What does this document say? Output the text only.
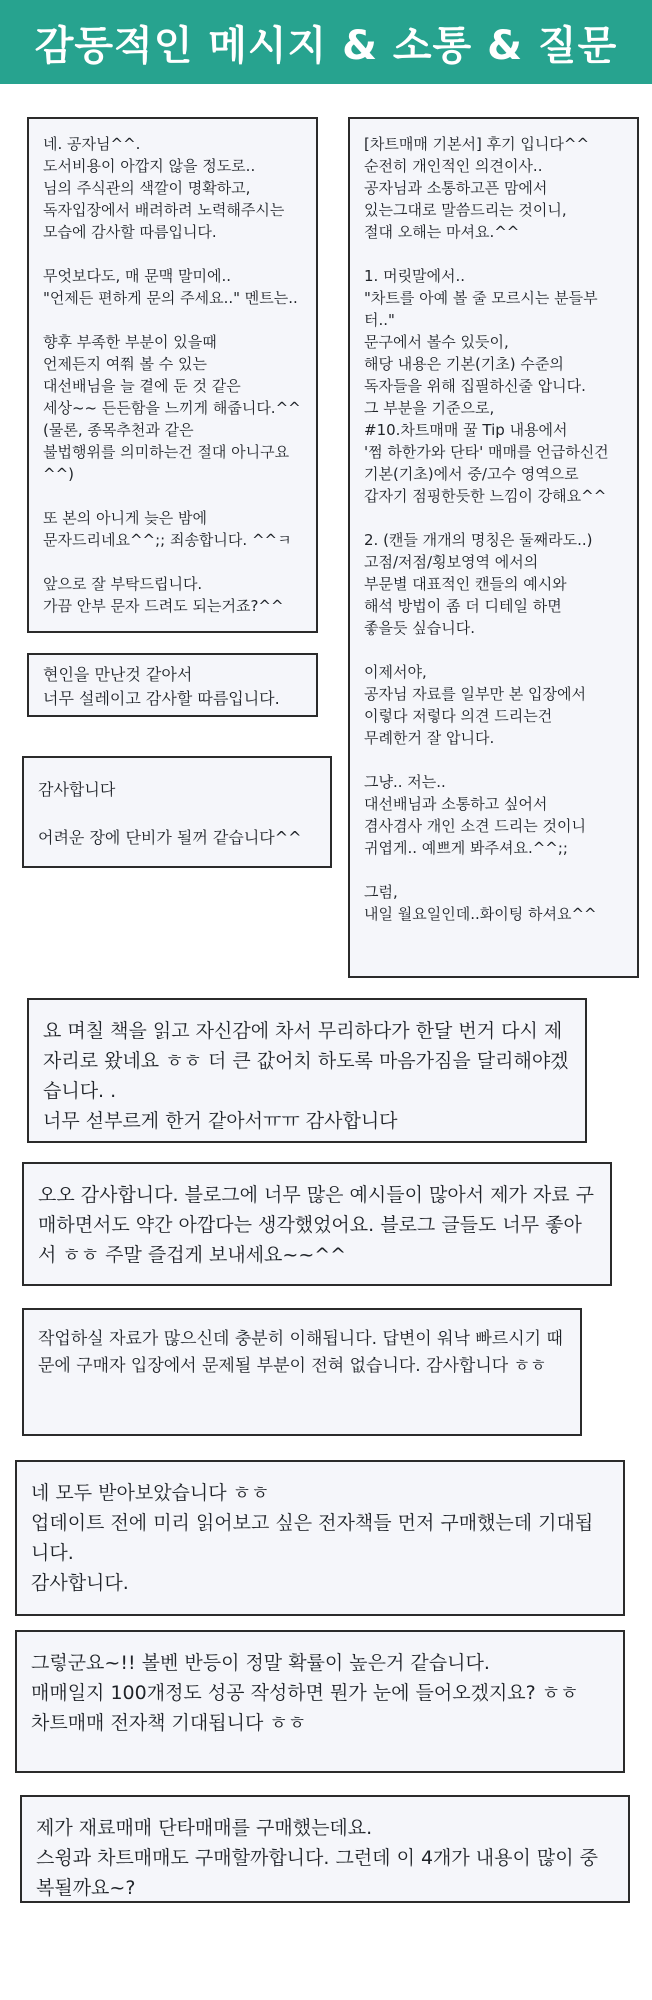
감동적인 메시지 & 소통 & 질문
네. 공자님^^.
도서비용이 아깝지 않을 정도로..
님의 주식관의 색깔이 명확하고,
독자입장에서 배려하려 노력해주시는
모습에 감사할 따름입니다.

무엇보다도, 매 문맥 말미에..
"언제든 편하게 문의 주세요.." 멘트는..

향후 부족한 부분이 있을때
언제든지 여쭤 볼 수 있는
대선배님을 늘 곁에 둔 것 같은
세상~~ 든든함을 느끼게 해줍니다.^^
(물론, 종목추천과 같은
불법행위를 의미하는건 절대 아니구요^^)

또 본의 아니게 늦은 밤에
문자드리네요^^;; 죄송합니다. ^^ㅋ

앞으로 잘 부탁드립니다.
가끔 안부 문자 드려도 되는거죠?^^
현인을 만난것 같아서
너무 설레이고 감사할 따름입니다.
감사합니다

어려운 장에 단비가 될꺼 같습니다^^
[차트매매 기본서] 후기 입니다^^
순전히 개인적인 의견이사..
공자님과 소통하고픈 맘에서
있는그대로 말씀드리는 것이니,
절대 오해는 마셔요.^^

1. 머릿말에서..
"차트를 아예 볼 줄 모르시는 분들부터.."
문구에서 볼수 있듯이,
해당 내용은 기본(기초) 수준의
독자들을 위해 집필하신줄 압니다.
그 부분을 기준으로,
#10.차트매매 꿀 Tip 내용에서
'쩜 하한가와 단타' 매매를 언급하신건
기본(기초)에서 중/고수 영역으로
갑자기 점핑한듯한 느낌이 강해요^^

2. (캔들 개개의 명칭은 둘째라도..)
고점/저점/횡보영역 에서의
부문별 대표적인 캔들의 예시와
해석 방법이 좀 더 디테일 하면
좋을듯 싶습니다.

이제서야,
공자님 자료를 일부만 본 입장에서
이렇다 저렇다 의견 드리는건
무례한거 잘 압니다.

그냥.. 저는..
대선배님과 소통하고 싶어서
겸사겸사 개인 소견 드리는 것이니
귀엽게.. 예쁘게 봐주셔요.^^;;

그럼,
내일 월요일인데..화이팅 하셔요^^
요 며칠 책을 읽고 자신감에 차서 무리하다가 한달 번거 다시 제자리로 왔네요 ㅎㅎ 더 큰 값어치 하도록 마음가짐을 달리해야겠습니다. .
너무 섣부르게 한거 같아서ㅠㅠ 감사합니다
오오 감사합니다. 블로그에 너무 많은 예시들이 많아서 제가 자료 구매하면서도 약간 아깝다는 생각했었어요. 블로그 글들도 너무 좋아서 ㅎㅎ 주말 즐겁게 보내세요~~^^
작업하실 자료가 많으신데 충분히 이해됩니다. 답변이 워낙 빠르시기 때문에 구매자 입장에서 문제될 부분이 전혀 없습니다. 감사합니다 ㅎㅎ
네 모두 받아보았습니다 ㅎㅎ
업데이트 전에 미리 읽어보고 싶은 전자책들 먼저 구매했는데 기대됩니다.
감사합니다.
그렇군요~!! 볼벤 반등이 정말 확률이 높은거 같습니다.
매매일지 100개정도 성공 작성하면 뭔가 눈에 들어오겠지요? ㅎㅎ
차트매매 전자책 기대됩니다 ㅎㅎ
제가 재료매매 단타매매를 구매했는데요.
스윙과 차트매매도 구매할까합니다. 그런데 이 4개가 내용이 많이 중복될까요~?
